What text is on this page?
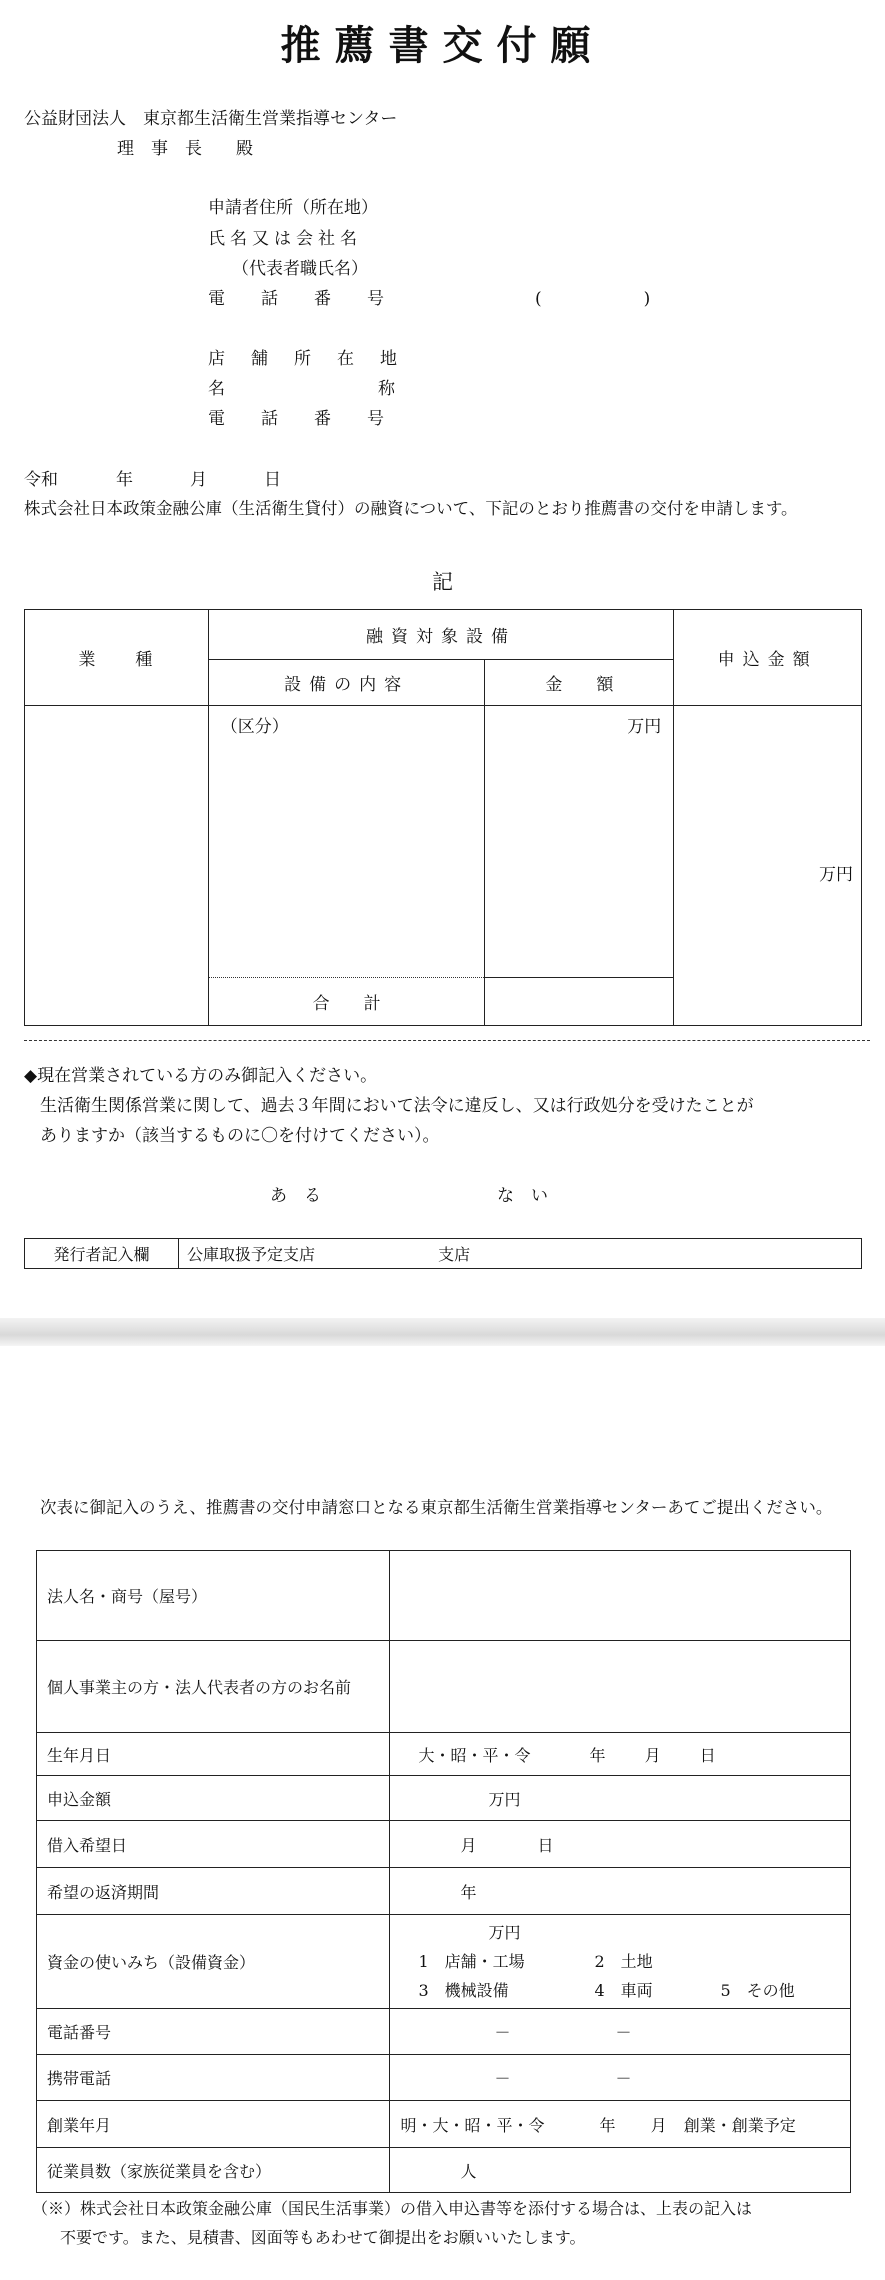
推薦書交付願
公益財団法人　東京都生活衛生営業指導センター
理　事　長　　殿
申請者住所（所在地）
氏名又は会社名
（代表者職氏名）
電話番号	(　　　　　　)
店舗所在地
名	称
電話番号
令和	年	月	日
株式会社日本政策金融公庫（生活衛生貸付）の融資について、下記のとおり推薦書の交付を申請します。
記
業　　種	融資対象設備		申込金額
	設備の内容	金　　額	
	（区分）	万円	万円
	合　　計		
◆現在営業されている方のみ御記入ください。
生活衛生関係営業に関して、過去３年間において法令に違反し、又は行政処分を受けたことが
ありますか（該当するものに〇を付けてください）。
あ　る	な　い
発行者記入欄	公庫取扱予定支店	支店
次表に御記入のうえ、推薦書の交付申請窓口となる東京都生活衛生営業指導センターあてご提出ください。
法人名・商号（屋号）	
個人事業主の方・法人代表者の方のお名前	
生年月日	大・昭・平・令 年 月 日
申込金額	万円
借入希望日	月 日
希望の返済期間	年
資金の使いみち（設備資金）	万円
1　店舗・工場 2　土地
3　機械設備 4　車両 5　その他

電話番号	－ －
携帯電話	－ －
創業年月	明・大・昭・平・令 年 月 創業・創業予定
従業員数（家族従業員を含む）	人
（※）株式会社日本政策金融公庫（国民生活事業）の借入申込書等を添付する場合は、上表の記入は
不要です。また、見積書、図面等もあわせて御提出をお願いいたします。
